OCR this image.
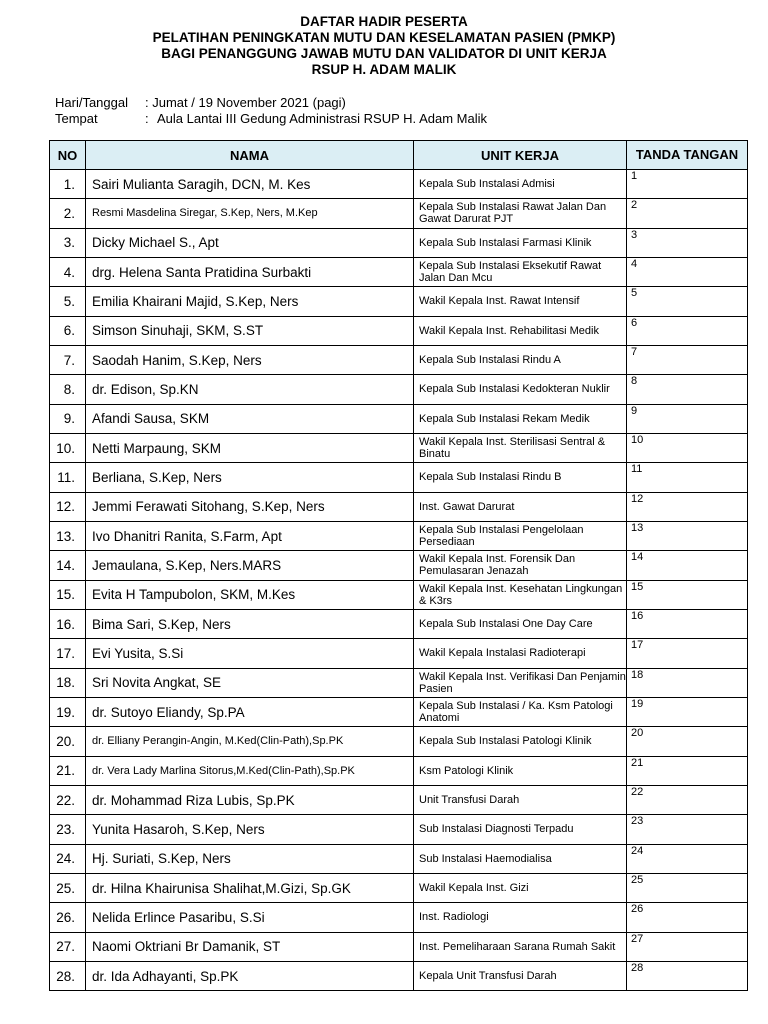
DAFTAR HADIR PESERTA
PELATIHAN PENINGKATAN MUTU DAN KESELAMATAN PASIEN (PMKP)
BAGI PENANGGUNG JAWAB MUTU DAN VALIDATOR DI UNIT KERJA
RSUP H. ADAM MALIK
Hari/Tanggal	: Jumat / 19 November 2021 (pagi)
Tempat	: Aula Lantai III Gedung Administrasi RSUP H. Adam Malik
NO	NAMA	UNIT KERJA	TANDA TANGAN
1.	Sairi Mulianta Saragih, DCN, M. Kes	Kepala Sub Instalasi Admisi	1
2.	Resmi Masdelina Siregar, S.Kep, Ners, M.Kep	Kepala Sub Instalasi Rawat Jalan Dan Gawat Darurat PJT	2
3.	Dicky Michael S., Apt	Kepala Sub Instalasi Farmasi Klinik	3
4.	drg. Helena Santa Pratidina Surbakti	Kepala Sub Instalasi Eksekutif Rawat Jalan Dan Mcu	4
5.	Emilia Khairani Majid, S.Kep, Ners	Wakil Kepala Inst. Rawat Intensif	5
6.	Simson Sinuhaji, SKM, S.ST	Wakil Kepala Inst. Rehabilitasi Medik	6
7.	Saodah Hanim, S.Kep, Ners	Kepala Sub Instalasi Rindu A	7
8.	dr. Edison, Sp.KN	Kepala Sub Instalasi Kedokteran Nuklir	8
9.	Afandi Sausa, SKM	Kepala Sub Instalasi Rekam Medik	9
10.	Netti Marpaung, SKM	Wakil Kepala Inst. Sterilisasi Sentral & Binatu	10
11.	Berliana, S.Kep, Ners	Kepala Sub Instalasi Rindu B	11
12.	Jemmi Ferawati Sitohang, S.Kep, Ners	Inst. Gawat Darurat	12
13.	Ivo Dhanitri Ranita, S.Farm, Apt	Kepala Sub Instalasi Pengelolaan Persediaan	13
14.	Jemaulana, S.Kep, Ners.MARS	Wakil Kepala Inst. Forensik Dan Pemulasaran Jenazah	14
15.	Evita H Tampubolon, SKM, M.Kes	Wakil Kepala Inst. Kesehatan Lingkungan & K3rs	15
16.	Bima Sari, S.Kep, Ners	Kepala Sub Instalasi One Day Care	16
17.	Evi Yusita, S.Si	Wakil Kepala Instalasi Radioterapi	17
18.	Sri Novita Angkat, SE	Wakil Kepala Inst. Verifikasi Dan Penjamin Pasien	18
19.	dr. Sutoyo Eliandy, Sp.PA	Kepala Sub Instalasi / Ka. Ksm Patologi Anatomi	19
20.	dr. Elliany Perangin-Angin, M.Ked(Clin-Path),Sp.PK	Kepala Sub Instalasi Patologi Klinik	20
21.	dr. Vera Lady Marlina Sitorus,M.Ked(Clin-Path),Sp.PK	Ksm Patologi Klinik	21
22.	dr. Mohammad Riza Lubis, Sp.PK	Unit Transfusi Darah	22
23.	Yunita Hasaroh, S.Kep, Ners	Sub Instalasi Diagnosti Terpadu	23
24.	Hj. Suriati, S.Kep, Ners	Sub Instalasi Haemodialisa	24
25.	dr. Hilna Khairunisa Shalihat,M.Gizi, Sp.GK	Wakil Kepala Inst. Gizi	25
26.	Nelida Erlince Pasaribu, S.Si	Inst. Radiologi	26
27.	Naomi Oktriani Br Damanik, ST	Inst. Pemeliharaan Sarana Rumah Sakit	27
28.	dr. Ida Adhayanti, Sp.PK	Kepala Unit Transfusi Darah	28
